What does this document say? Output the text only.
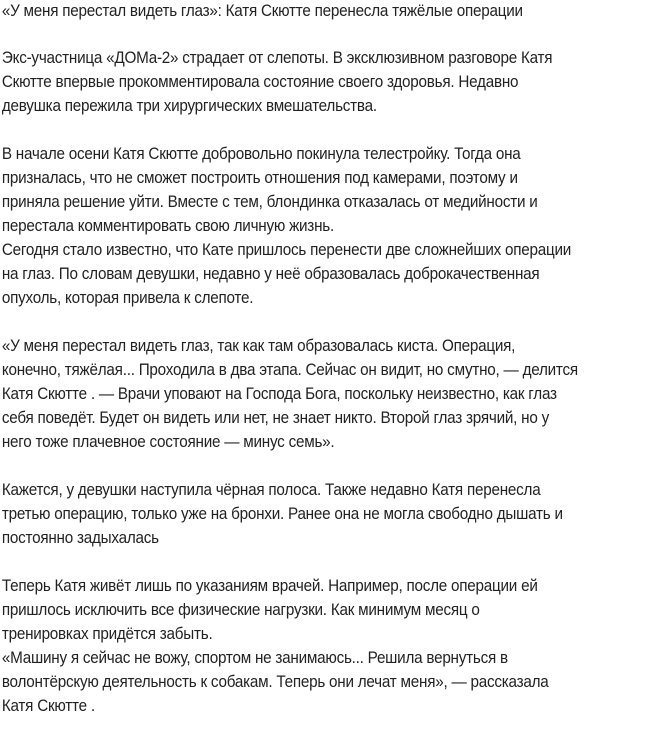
«У меня перестал видеть глаз»: Катя Скютте перенесла тяжёлые операции

Экс-участница «ДОМа-2» страдает от слепоты. В эксклюзивном разговоре Катя

Скютте впервые прокомментировала состояние своего здоровья. Недавно

девушка пережила три хирургических вмешательства.

В начале осени Катя Скютте добровольно покинула телестройку. Тогда она

призналась, что не сможет построить отношения под камерами, поэтому и

приняла решение уйти. Вместе с тем, блондинка отказалась от медийности и

перестала комментировать свою личную жизнь.

Сегодня стало известно, что Кате пришлось перенести две сложнейших операции

на глаз. По словам девушки, недавно у неё образовалась доброкачественная

опухоль, которая привела к слепоте.

«У меня перестал видеть глаз, так как там образовалась киста. Операция,

конечно, тяжёлая... Проходила в два этапа. Сейчас он видит, но смутно, — делится

Катя Скютте . — Врачи уповают на Господа Бога, поскольку неизвестно, как глаз

себя поведёт. Будет он видеть или нет, не знает никто. Второй глаз зрячий, но у

него тоже плачевное состояние — минус семь».

Кажется, у девушки наступила чёрная полоса. Также недавно Катя перенесла

третью операцию, только уже на бронхи. Ранее она не могла свободно дышать и

постоянно задыхалась

Теперь Катя живёт лишь по указаниям врачей. Например, после операции ей

пришлось исключить все физические нагрузки. Как минимум месяц о

тренировках придётся забыть.

«Машину я сейчас не вожу, спортом не занимаюсь... Решила вернуться в

волонтёрскую деятельность к собакам. Теперь они лечат меня», — рассказала

Катя Скютте .
